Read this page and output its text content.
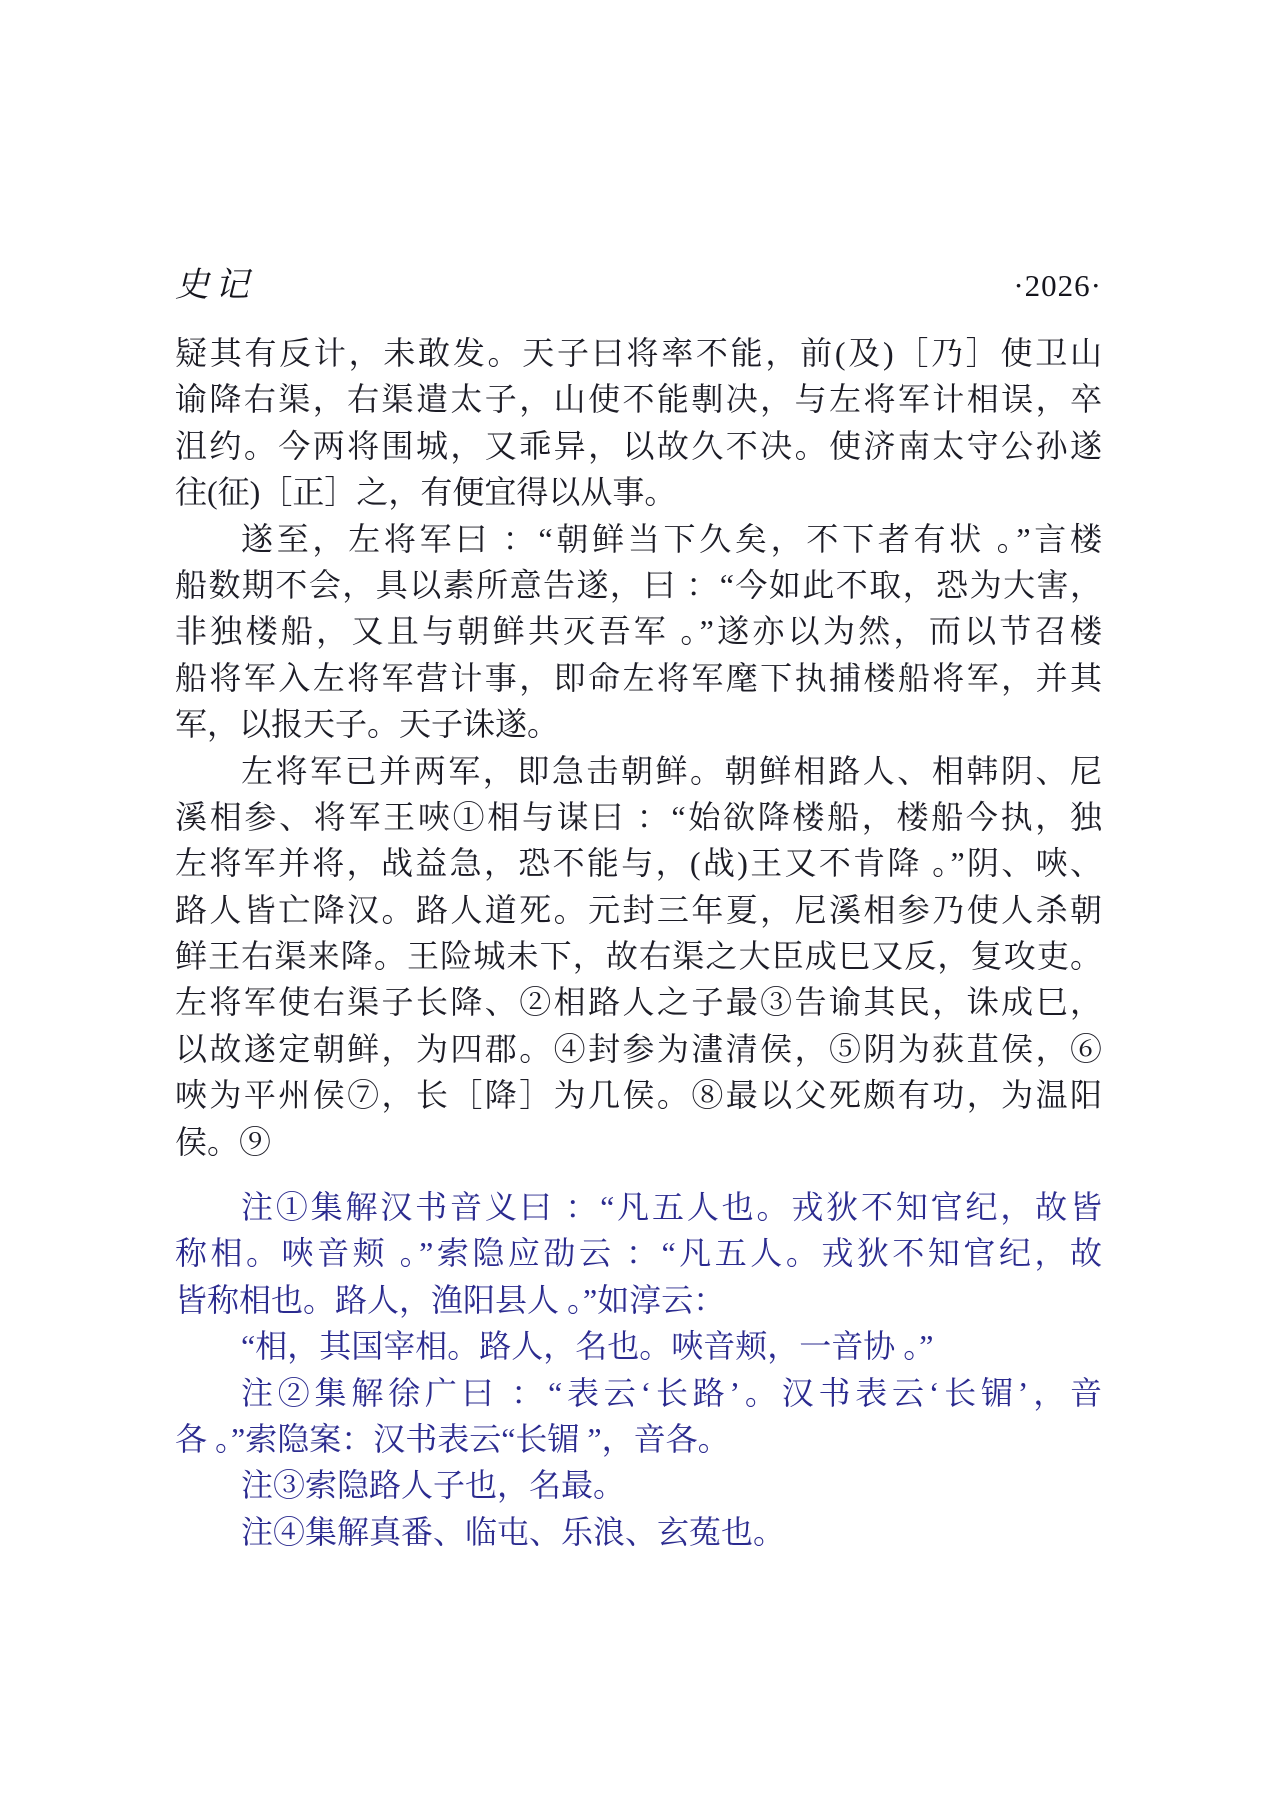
史记	·2026·
疑其有反计，未敢发。天子曰将率不能，前(及)［乃］使卫山
谕降右渠，右渠遣太子，山使不能剸决，与左将军计相误，卒
沮约。今两将围城，又乖异，以故久不决。使济南太守公孙遂
往(征)［正］之，有便宜得以从事。
遂至，左将军曰 ：“朝鲜当下久矣，不下者有状 。”言楼
船数期不会，具以素所意告遂，曰 ：“今如此不取，恐为大害，
非独楼船，又且与朝鲜共灭吾军 。”遂亦以为然，而以节召楼
船将军入左将军营计事，即命左将军麾下执捕楼船将军，并其
军，以报天子。天子诛遂。
左将军已并两军，即急击朝鲜。朝鲜相路人、相韩阴、尼
溪相参、将军王唊①相与谋曰 ：“始欲降楼船，楼船今执，独
左将军并将，战益急，恐不能与，(战)王又不肯降 。”阴、唊、
路人皆亡降汉。路人道死。元封三年夏，尼溪相参乃使人杀朝
鲜王右渠来降。王险城未下，故右渠之大臣成巳又反，复攻吏。
左将军使右渠子长降、②相路人之子最③告谕其民，诛成巳，
以故遂定朝鲜，为四郡。④封参为澅清侯，⑤阴为荻苴侯，⑥
唊为平州侯⑦，长［降］为几侯。⑧最以父死颇有功，为温阳
侯。⑨
注①集解汉书音义曰 ：“凡五人也。戎狄不知官纪，故皆
称相。唊音颊 。”索隐应劭云 ：“凡五人。戎狄不知官纪，故
皆称相也。路人，渔阳县人 。”如淳云：
“相，其国宰相。路人，名也。唊音颊，一音协 。”
注②集解徐广曰 ：“表云‘长路’。汉书表云‘长镅’，音
各 。”索隐案：汉书表云“长镅 ”，音各。
注③索隐路人子也，名最。
注④集解真番、临屯、乐浪、玄菟也。
